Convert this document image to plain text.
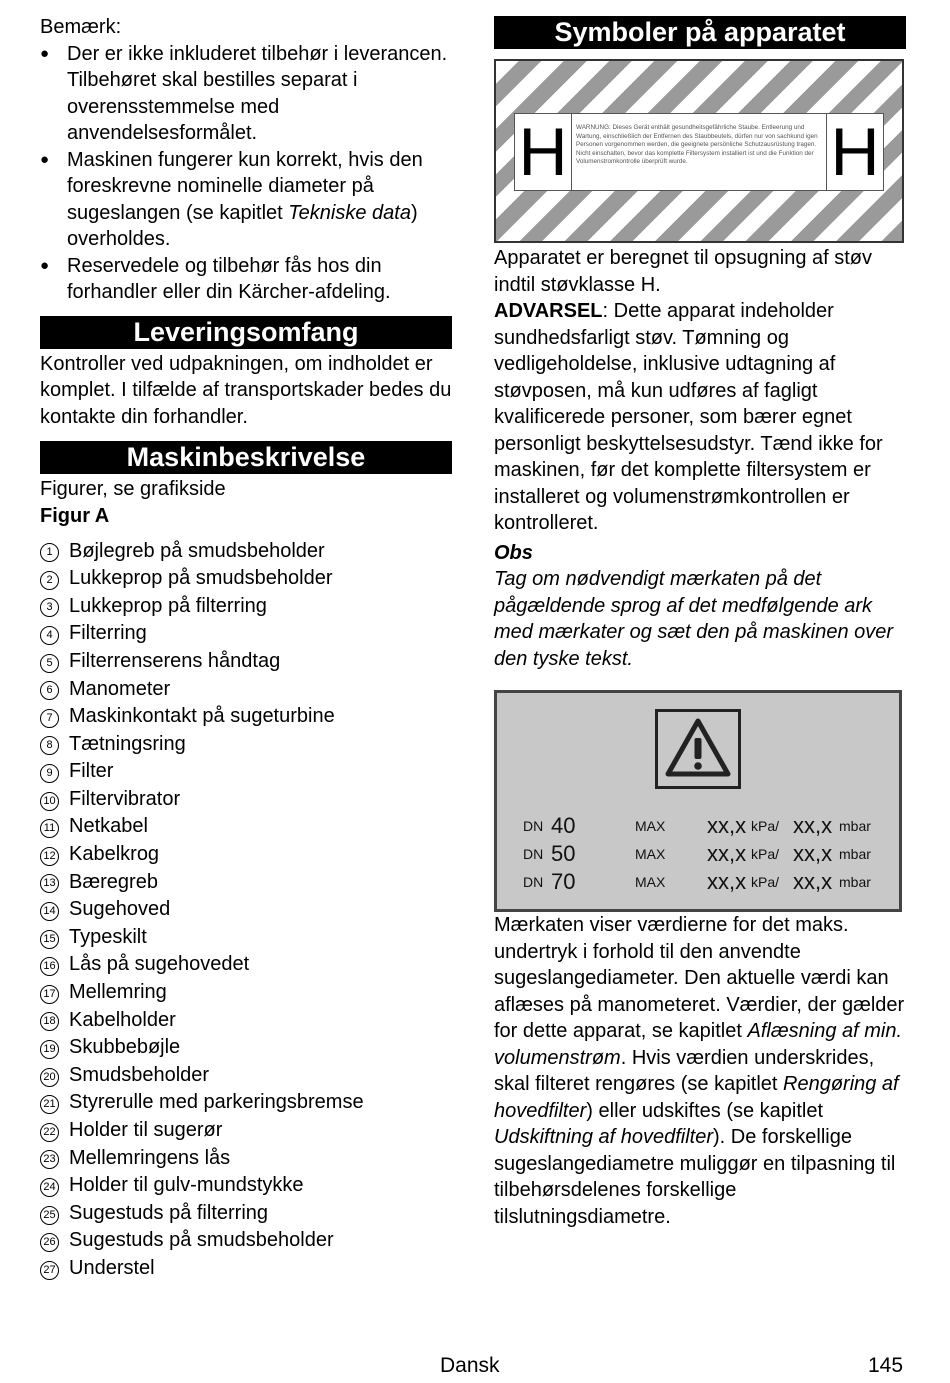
Bemærk:

● Der er ikke inkluderet tilbehør i leverancen. Tilbehøret skal bestilles separat i overensstemmelse med anvendelsesformålet.

● Maskinen fungerer kun korrekt, hvis den foreskrevne nominelle diameter på sugeslangen (se kapitlet Tekniske data) overholdes.

● Reservedele og tilbehør fås hos din forhandler eller din Kärcher-afdeling.

Leveringsomfang

Kontroller ved udpakningen, om indholdet er komplet. I tilfælde af transportskader bedes du kontakte din forhandler.

Maskinbeskrivelse

Figurer, se grafikside

Figur A

1 Bøjlegreb på smudsbeholder
2 Lukkeprop på smudsbeholder
3 Lukkeprop på filterring
4 Filterring
5 Filterrenserens håndtag
6 Manometer
7 Maskinkontakt på sugeturbine
8 Tætningsring
9 Filter
10 Filtervibrator
11 Netkabel
12 Kabelkrog
13 Bæregreb
14 Sugehoved
15 Typeskilt
16 Lås på sugehovedet
17 Mellemring
18 Kabelholder
19 Skubbebøjle
20 Smudsbeholder
21 Styrerulle med parkeringsbremse
22 Holder til sugerør
23 Mellemringens lås
24 Holder til gulv-mundstykke
25 Sugestuds på filterring
26 Sugestuds på smudsbeholder
27 Understel
Symboler på apparatet
H	WARNUNG: Dieses Gerät enthält gesundheitsgefährliche Staube. Entleerung und Wartung, einschließlich der Entfernen des Staubbeutels, dürfen nur von sachkund igen Personen vorgenommen werden, die geeignete persönliche Schutzausrüstung tragen. Nicht einschalten, bevor das komplette Filtersystem installiert ist und die Funktion der Volumenstromkontrolle überprüft wurde.	H

Apparatet er beregnet til opsugning af støv indtil støvklasse H.

ADVARSEL: Dette apparat indeholder sundhedsfarligt støv. Tømning og vedligeholdelse, inklusive udtagning af støvposen, må kun udføres af fagligt kvalificerede personer, som bærer egnet personligt beskyttelsesudstyr. Tænd ikke for maskinen, før det komplette filtersystem er installeret og volumenstrømkontrollen er kontrolleret.

Obs

Tag om nødvendigt mærkaten på det pågældende sprog af det medfølgende ark med mærkater og sæt den på maskinen over den tyske tekst.

DN 40	MAX xx,x kPa/ xx,x mbar
DN 50	MAX xx,x kPa/ xx,x mbar
DN 70	MAX xx,x kPa/ xx,x mbar

Mærkaten viser værdierne for det maks. undertryk i forhold til den anvendte sugeslangediameter. Den aktuelle værdi kan aflæses på manometeret. Værdier, der gælder for dette apparat, se kapitlet Aflæsning af min. volumenstrøm. Hvis værdien underskrides, skal filteret rengøres (se kapitlet Rengøring af hovedfilter) eller udskiftes (se kapitlet Udskiftning af hovedfilter). De forskellige sugeslangediametre muliggør en tilpasning til tilbehørsdelenes forskellige tilslutningsdiametre.

Dansk	145
